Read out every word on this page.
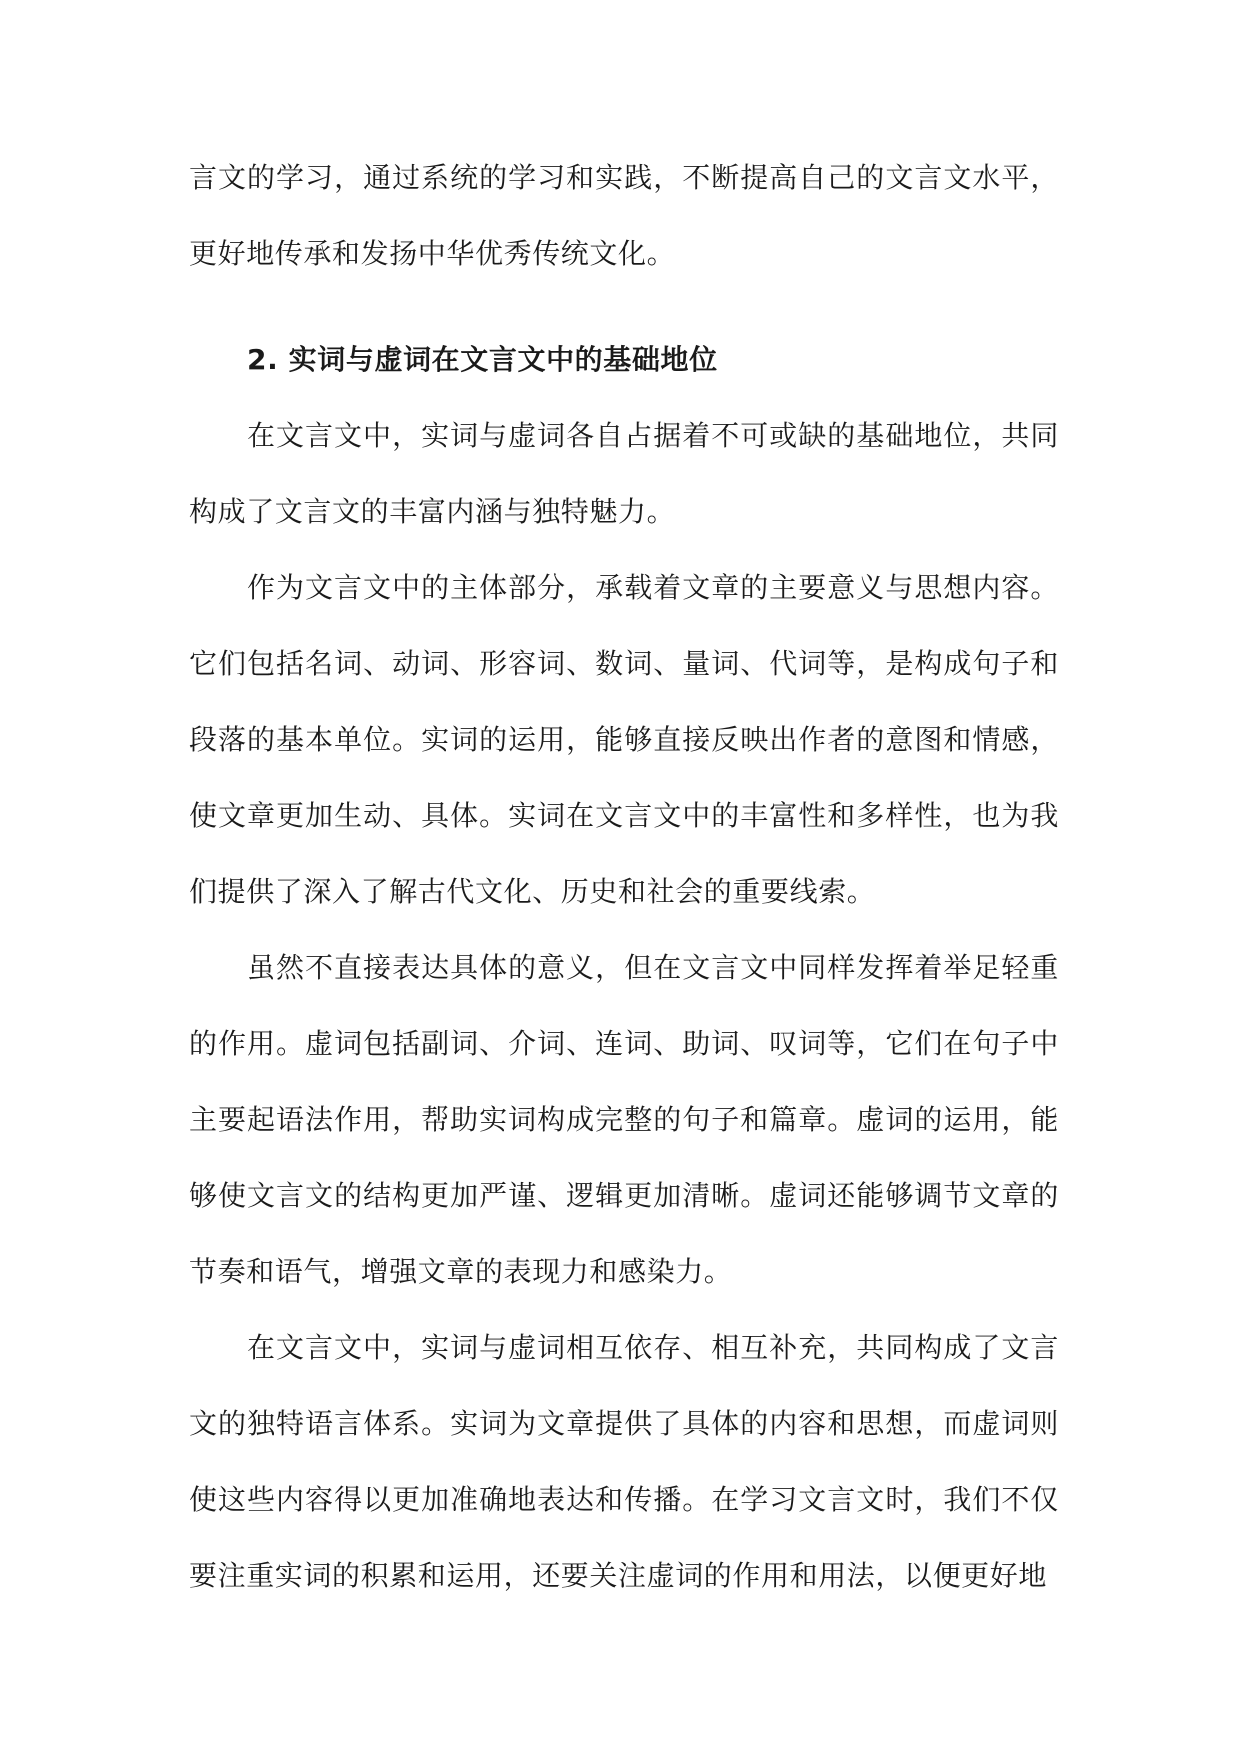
言文的学习，通过系统的学习和实践，不断提高自己的文言文水平，更好地传承和发扬中华优秀传统文化。

2. 实词与虚词在文言文中的基础地位

在文言文中，实词与虚词各自占据着不可或缺的基础地位，共同构成了文言文的丰富内涵与独特魅力。

作为文言文中的主体部分，承载着文章的主要意义与思想内容。它们包括名词、动词、形容词、数词、量词、代词等，是构成句子和段落的基本单位。实词的运用，能够直接反映出作者的意图和情感，使文章更加生动、具体。实词在文言文中的丰富性和多样性，也为我们提供了深入了解古代文化、历史和社会的重要线索。

虽然不直接表达具体的意义，但在文言文中同样发挥着举足轻重的作用。虚词包括副词、介词、连词、助词、叹词等，它们在句子中主要起语法作用，帮助实词构成完整的句子和篇章。虚词的运用，能够使文言文的结构更加严谨、逻辑更加清晰。虚词还能够调节文章的节奏和语气，增强文章的表现力和感染力。

在文言文中，实词与虚词相互依存、相互补充，共同构成了文言文的独特语言体系。实词为文章提供了具体的内容和思想，而虚词则使这些内容得以更加准确地表达和传播。在学习文言文时，我们不仅要注重实词的积累和运用，还要关注虚词的作用和用法，以便更好地
